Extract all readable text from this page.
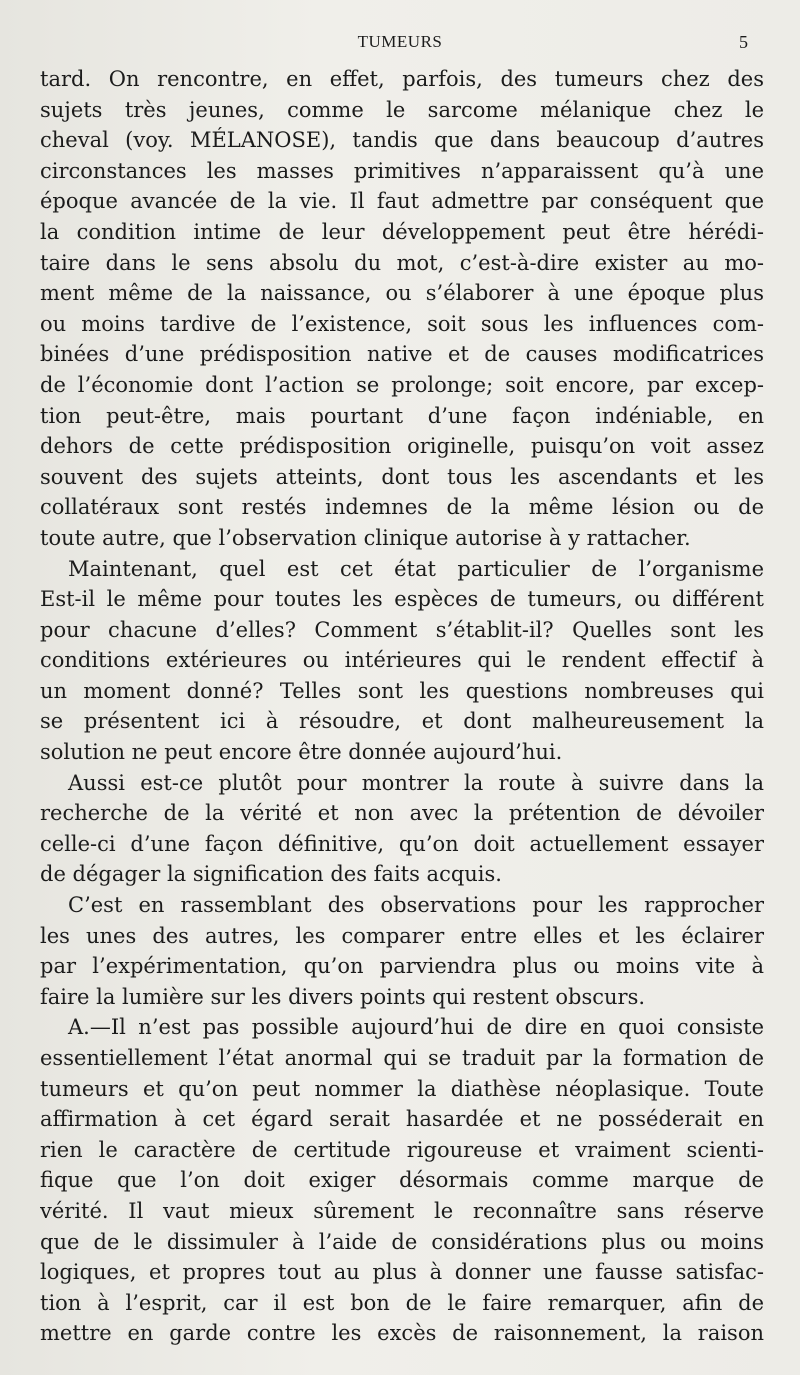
TUMEURS	5
tard. On rencontre, en effet, parfois, des tumeurs chez des
sujets très jeunes, comme le sarcome mélanique chez le
cheval (voy. MÉLANOSE), tandis que dans beaucoup d’autres
circonstances les masses primitives n’apparaissent qu’à une
époque avancée de la vie. Il faut admettre par conséquent que
la condition intime de leur développement peut être hérédi-
taire dans le sens absolu du mot, c’est-à-dire exister au mo-
ment même de la naissance, ou s’élaborer à une époque plus
ou moins tardive de l’existence, soit sous les influences com-
binées d’une prédisposition native et de causes modificatrices
de l’économie dont l’action se prolonge; soit encore, par excep-
tion peut-être, mais pourtant d’une façon indéniable, en
dehors de cette prédisposition originelle, puisqu’on voit assez
souvent des sujets atteints, dont tous les ascendants et les
collatéraux sont restés indemnes de la même lésion ou de
toute autre, que l’observation clinique autorise à y rattacher.
Maintenant, quel est cet état particulier de l’organisme
Est-il le même pour toutes les espèces de tumeurs, ou différent
pour chacune d’elles? Comment s’établit-il? Quelles sont les
conditions extérieures ou intérieures qui le rendent effectif à
un moment donné? Telles sont les questions nombreuses qui
se présentent ici à résoudre, et dont malheureusement la
solution ne peut encore être donnée aujourd’hui.
Aussi est-ce plutôt pour montrer la route à suivre dans la
recherche de la vérité et non avec la prétention de dévoiler
celle-ci d’une façon définitive, qu’on doit actuellement essayer
de dégager la signification des faits acquis.
C’est en rassemblant des observations pour les rapprocher
les unes des autres, les comparer entre elles et les éclairer
par l’expérimentation, qu’on parviendra plus ou moins vite à
faire la lumière sur les divers points qui restent obscurs.
A.—Il n’est pas possible aujourd’hui de dire en quoi consiste
essentiellement l’état anormal qui se traduit par la formation de
tumeurs et qu’on peut nommer la diathèse néoplasique. Toute
affirmation à cet égard serait hasardée et ne posséderait en
rien le caractère de certitude rigoureuse et vraiment scienti-
fique que l’on doit exiger désormais comme marque de
vérité. Il vaut mieux sûrement le reconnaître sans réserve
que de le dissimuler à l’aide de considérations plus ou moins
logiques, et propres tout au plus à donner une fausse satisfac-
tion à l’esprit, car il est bon de le faire remarquer, afin de
mettre en garde contre les excès de raisonnement, la raison
